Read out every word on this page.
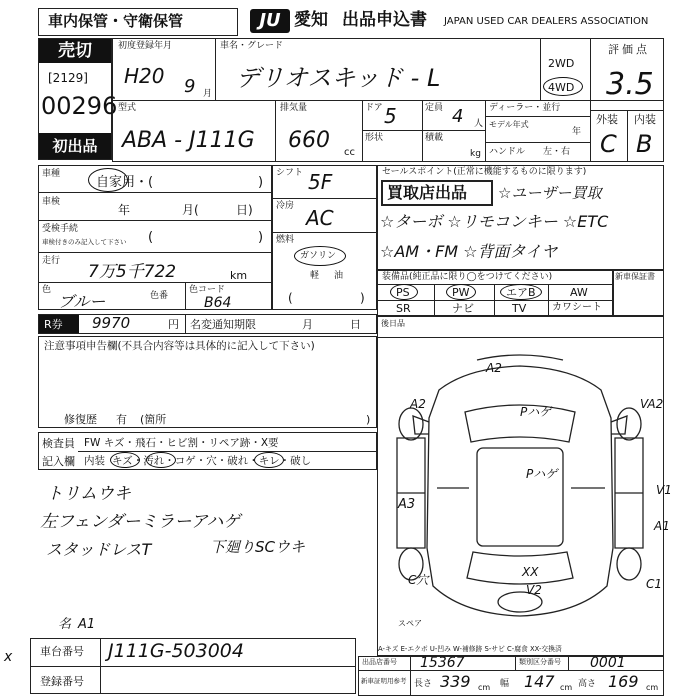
車内保管・守衛保管	JU 愛知 出品申込書 JAPAN USED CAR DEALERS ASSOCIATION
売切
[2129]
00296
初出品
初度登録年月
H20 9 月
車名・グレード
デリオスキッド - L
2WD
4WD
評価点
3.5
外装 内装
C B
型式
ABA - J111G
排気量
660 cc
ドア 5	定員 4 人
形状	積載
kg
ディーラー・並行
モデル年式
年
ハンドル 左・右
車種
自家用・(	)
車検
年	月(	日)
受検手続
車検付きのみ記入して下さい (	)
走行
7万5千722	km
色
ブルー	色番
色コード
B64
シフト 5F
冷房 AC
燃料
ガソリン
軽 油
(	)
セールスポイント(正常に機能するものに限ります)
買取店出品 ☆ユーザー買取
☆ターボ ☆リモコンキー ☆ETC
☆AM・FM ☆背面タイヤ
装備品(純正品に限り◯をつけてください)
PS	PW	エアB	AW
SR	ナビ	TV	カワシート
新車保証書
R券 9970	円 名変通知期限	月	日	後日品
注意事項申告欄(不具合内容等は具体的に記入して下さい)
修復歴 有 (箇所	)
検査員
記入欄
FW キズ・飛石・ヒビ割・リペア跡・X要
内装 キズ・汚れ・コゲ・穴・破れ・キレ・破し
トリムウキ
左フェンダーミラーアハゲ
スタッドレスT	下廻りSCウキ
名 A1
A2
A2	VA2
Pハゲ
Pハゲ
A3
V1
A1
XX
V2
C穴	C1
スペア
A-キズ E-エクボ U-凹み W-補修跡 S-サビ C-腐食 XX-交換済
車台番号 J111G-503004
登録番号
x	出品店番号 15367	類別区分番号 0001
新車証明用参考 長さ 339 cm 幅 147 cm 高さ 169 cm
